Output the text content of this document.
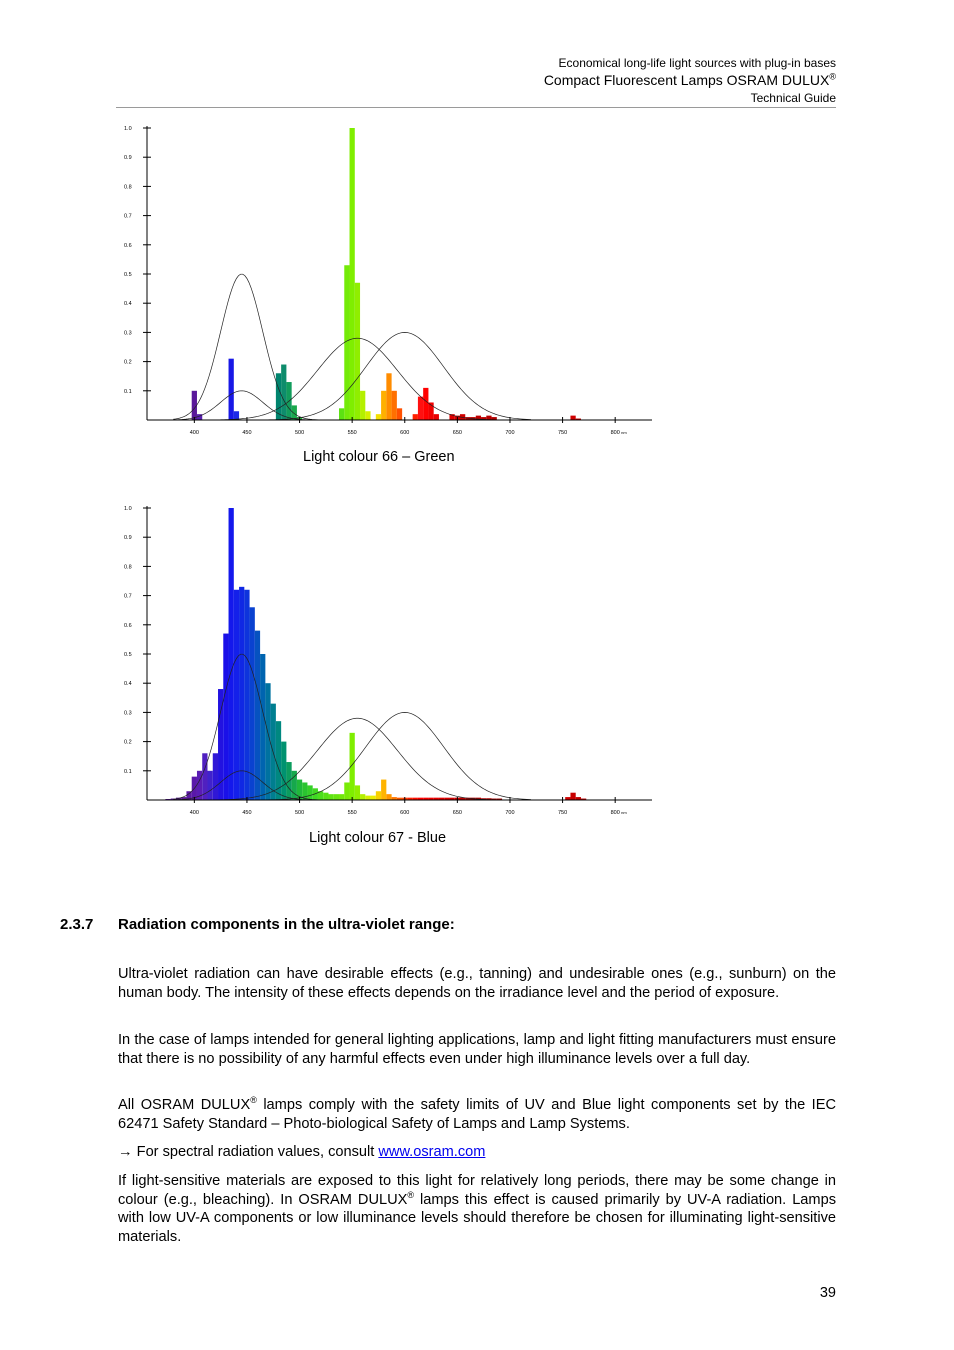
Economical long-life light sources with plug-in bases
Compact Fluorescent Lamps OSRAM DULUX®
Technical Guide
0.1
0.2
0.3
0.4
0.5
0.6
0.7
0.8
0.9
1.0
400	450	500	550	600	650	700	750	800 nm
Light colour 66 – Green
0.1
0.2
0.3
0.4
0.5
0.6
0.7
0.8
0.9
1.0
400	450	500	550	600	650	700	750	800 nm
Light colour 67 - Blue
2.3.7 Radiation components in the ultra-violet range:
Ultra-violet radiation can have desirable effects (e.g., tanning) and undesirable ones (e.g., sunburn) on the human body. The intensity of these effects depends on the irradiance level and the period of exposure.
In the case of lamps intended for general lighting applications, lamp and light fitting manufacturers must ensure that there is no possibility of any harmful effects even under high illuminance levels over a full day.
All OSRAM DULUX® lamps comply with the safety limits of UV and Blue light components set by the IEC 62471 Safety Standard – Photo-biological Safety of Lamps and Lamp Systems.
→ For spectral radiation values, consult www.osram.com
If light-sensitive materials are exposed to this light for relatively long periods, there may be some change in colour (e.g., bleaching). In OSRAM DULUX® lamps this effect is caused primarily by UV-A radiation. Lamps with low UV-A components or low illuminance levels should therefore be chosen for illuminating light-sensitive materials.
39
